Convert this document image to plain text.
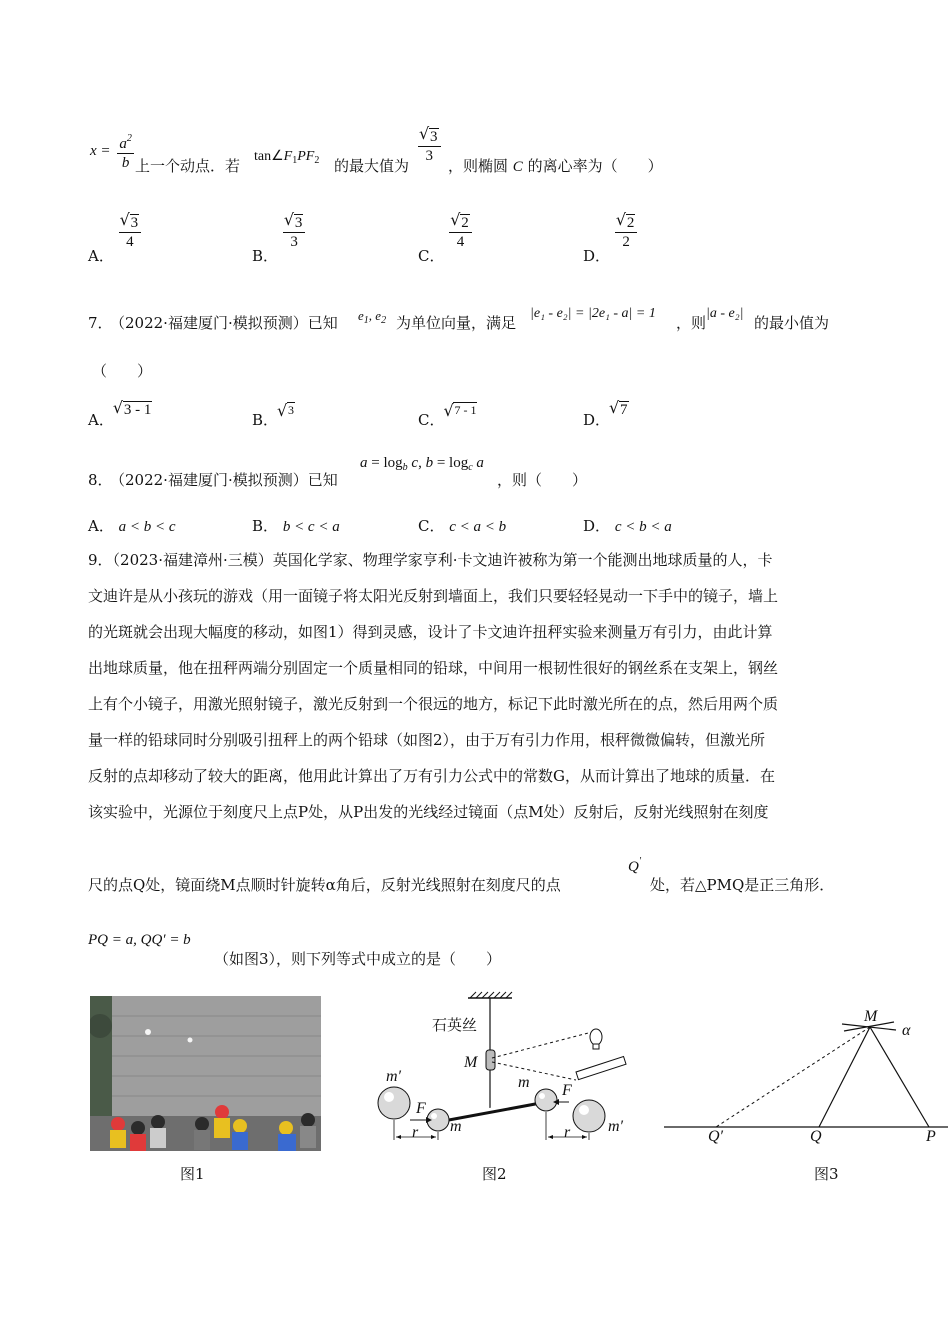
$x = \frac{a^2}{b}$ 上一个动点．若
$\tan\angle F_1PF_2$ 的最大值为
√ $\frac{3}{3}$
，则椭圆 C 的离心率为（　　）
A．
√ $\frac{3}{4}$
B．
√ $\frac{3}{3}$
C．
√ $\frac{2}{4}$
D．
√ $\frac{2}{2}$
7．
（2022·福建厦门·模拟预测）已知 $e_1$, $e_2$ 为单位向量，满足
|e₁ - e₂| = |2e₁ - a| = 1
，则
|a - e₂|
的最小值为
（　　）
A．√ 3 - 1
B．√ 3
C．√ 7 - 1
D．√ 7
8．
（2022·福建厦门·模拟预测）已知
$a = \log_b c$, $b = \log_c a$
，则（　　）
A． a < b < c	B． b < c < a	C． c < a < b	D． c < b < a
9．（2023·福建漳州·三模）英国化学家、物理学家亨利·卡文迪许被称为第一个能测出地球质量的人，卡
文迪许是从小孩玩的游戏（用一面镜子将太阳光反射到墙面上，我们只要轻轻晃动一下手中的镜子，墙上
的光斑就会出现大幅度的移动，如图1）得到灵感，设计了卡文迪许扭秤实验来测量万有引力，由此计算
出地球质量，他在扭秤两端分别固定一个质量相同的铅球，中间用一根韧性很好的钢丝系在支架上，钢丝
上有个小镜子，用激光照射镜子，激光反射到一个很远的地方，标记下此时激光所在的点，然后用两个质
量一样的铅球同时分别吸引扭秤上的两个铅球（如图2），由于万有引力作用，根秤微微偏转，但激光所
反射的点却移动了较大的距离，他用此计算出了万有引力公式中的常数G，从而计算出了地球的质量．在
该实验中，光源位于刻度尺上点P处，从P出发的光线经过镜面（点M处）反射后，反射光线照射在刻度
尺的点Q处，镜面绕M点顺时针旋转α角后，反射光线照射在刻度尺的点
Q′
处，若△PMQ是正三角形．
PQ = a, QQ′ = b
（如图3），则下列等式中成立的是（　　）
图1
石英丝
M
m′
m′
F
F
m
m
r	r
图2
M
α
Q′	Q	P
图3
